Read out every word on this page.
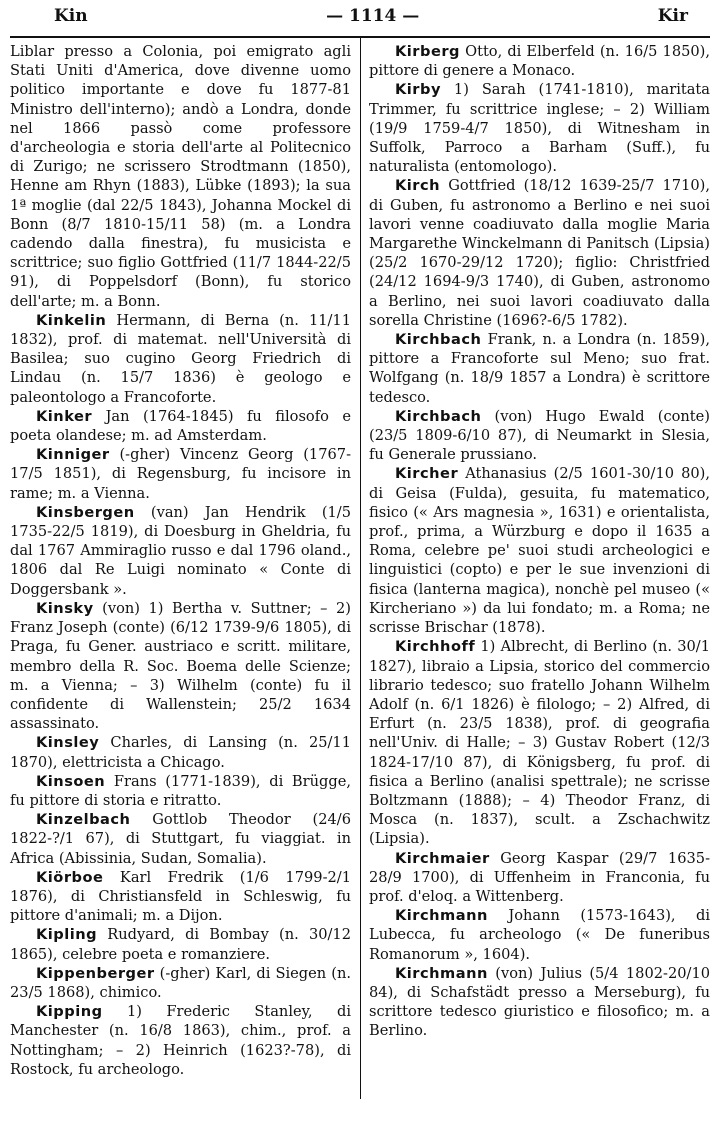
Kin	— 1114 —	Kir

Liblar presso a Colonia, poi emigrato agli Stati Uniti d'America, dove divenne uomo politico importante e dove fu 1877-81 Ministro dell'interno); andò a Londra, donde nel 1866 passò come professore d'archeologia e storia dell'arte al Politecnico di Zurigo; ne scrissero Strodtmann (1850), Henne am Rhyn (1883), Lübke (1893); la sua 1ª moglie (dal 22/5 1843), Johanna Mockel di Bonn (8/7 1810-15/11 58) (m. a Londra cadendo dalla finestra), fu musicista e scrittrice; suo figlio Gottfried (11/7 1844-22/5 91), di Poppelsdorf (Bonn), fu storico dell'arte; m. a Bonn.

Kinkelin Hermann, di Berna (n. 11/11 1832), prof. di matemat. nell'Università di Basilea; suo cugino Georg Friedrich di Lindau (n. 15/7 1836) è geologo e paleontologo a Francoforte.

Kinker Jan (1764-1845) fu filosofo e poeta olandese; m. ad Amsterdam.

Kinniger (-gher) Vincenz Georg (1767-17/5 1851), di Regensburg, fu incisore in rame; m. a Vienna.

Kinsbergen (van) Jan Hendrik (1/5 1735-22/5 1819), di Doesburg in Gheldria, fu dal 1767 Ammiraglio russo e dal 1796 oland., 1806 dal Re Luigi nominato « Conte di Doggersbank ».

Kinsky (von) 1) Bertha v. Suttner; – 2) Franz Joseph (conte) (6/12 1739-9/6 1805), di Praga, fu Gener. austriaco e scritt. militare, membro della R. Soc. Boema delle Scienze; m. a Vienna; – 3) Wilhelm (conte) fu il confidente di Wallenstein; 25/2 1634 assassinato.

Kinsley Charles, di Lansing (n. 25/11 1870), elettricista a Chicago.

Kinsoen Frans (1771-1839), di Brügge, fu pittore di storia e ritratto.

Kinzelbach Gottlob Theodor (24/6 1822-?/1 67), di Stuttgart, fu viaggiat. in Africa (Abissinia, Sudan, Somalia).

Kiörboe Karl Fredrik (1/6 1799-2/1 1876), di Christiansfeld in Schleswig, fu pittore d'animali; m. a Dijon.

Kipling Rudyard, di Bombay (n. 30/12 1865), celebre poeta e romanziere.

Kippenberger (-gher) Karl, di Siegen (n. 23/5 1868), chimico.

Kipping 1) Frederic Stanley, di Manchester (n. 16/8 1863), chim., prof. a Nottingham; – 2) Heinrich (1623?-78), di Rostock, fu archeologo.

Kirberg Otto, di Elberfeld (n. 16/5 1850), pittore di genere a Monaco.

Kirby 1) Sarah (1741-1810), maritata Trimmer, fu scrittrice inglese; – 2) William (19/9 1759-4/7 1850), di Witnesham in Suffolk, Parroco a Barham (Suff.), fu naturalista (entomologo).

Kirch Gottfried (18/12 1639-25/7 1710), di Guben, fu astronomo a Berlino e nei suoi lavori venne coadiuvato dalla moglie Maria Margarethe Winckelmann di Panitsch (Lipsia) (25/2 1670-29/12 1720); figlio: Christfried (24/12 1694-9/3 1740), di Guben, astronomo a Berlino, nei suoi lavori coadiuvato dalla sorella Christine (1696?-6/5 1782).

Kirchbach Frank, n. a Londra (n. 1859), pittore a Francoforte sul Meno; suo frat. Wolfgang (n. 18/9 1857 a Londra) è scrittore tedesco.

Kirchbach (von) Hugo Ewald (conte) (23/5 1809-6/10 87), di Neumarkt in Slesia, fu Generale prussiano.

Kircher Athanasius (2/5 1601-30/10 80), di Geisa (Fulda), gesuita, fu matematico, fisico (« Ars magnesia », 1631) e orientalista, prof., prima, a Würzburg e dopo il 1635 a Roma, celebre pe' suoi studi archeologici e linguistici (copto) e per le sue invenzioni di fisica (lanterna magica), nonchè pel museo (« Kircheriano ») da lui fondato; m. a Roma; ne scrisse Brischar (1878).

Kirchhoff 1) Albrecht, di Berlino (n. 30/1 1827), libraio a Lipsia, storico del commercio librario tedesco; suo fratello Johann Wilhelm Adolf (n. 6/1 1826) è filologo; – 2) Alfred, di Erfurt (n. 23/5 1838), prof. di geografia nell'Univ. di Halle; – 3) Gustav Robert (12/3 1824-17/10 87), di Königsberg, fu prof. di fisica a Berlino (analisi spettrale); ne scrisse Boltzmann (1888); – 4) Theodor Franz, di Mosca (n. 1837), scult. a Zschachwitz (Lipsia).

Kirchmaier Georg Kaspar (29/7 1635-28/9 1700), di Uffenheim in Franconia, fu prof. d'eloq. a Wittenberg.

Kirchmann Johann (1573-1643), di Lubecca, fu archeologo (« De funeribus Romanorum », 1604).

Kirchmann (von) Julius (5/4 1802-20/10 84), di Schafstädt presso a Merseburg), fu scrittore tedesco giuristico e filosofico; m. a Berlino.
